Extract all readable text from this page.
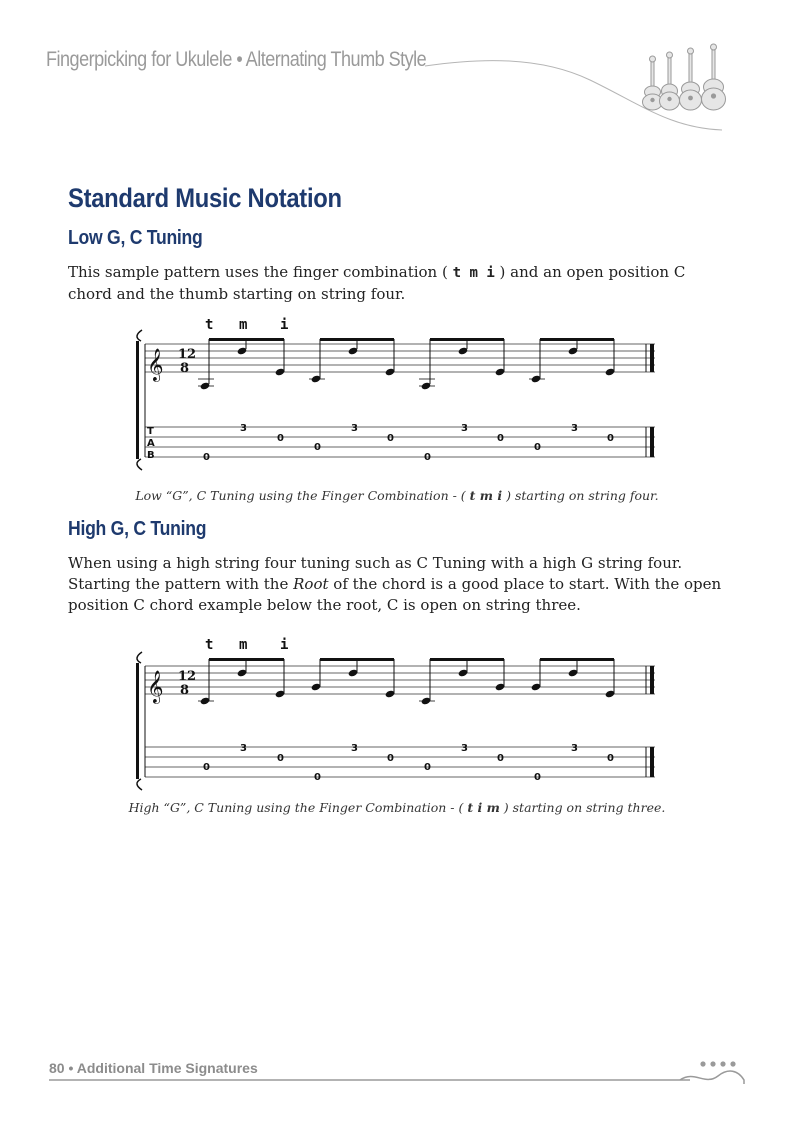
Fingerpicking for Ukulele • Alternating Thumb Style
Standard Music Notation
Low G, C Tuning
This sample pattern uses the finger combination ( t m i ) and an open position C chord and the thumb starting on string four.
t m i
𝄞 12
8
T
A
B	0
3
0
0
3
0
0
3
0
0
3
0
Low “G”, C Tuning using the Finger Combination - ( t m i ) starting on string four.
High G, C Tuning
When using a high string four tuning such as C Tuning with a high G string four. Starting the pattern with the Root of the chord is a good place to start. With the open position C chord example below the root, C is open on string three.
t m i
𝄞 12
8
0
3
0
0
3
0
0
3
0
0
3
0
High “G”, C Tuning using the Finger Combination - ( t i m ) starting on string three.
80 • Additional Time Signatures
